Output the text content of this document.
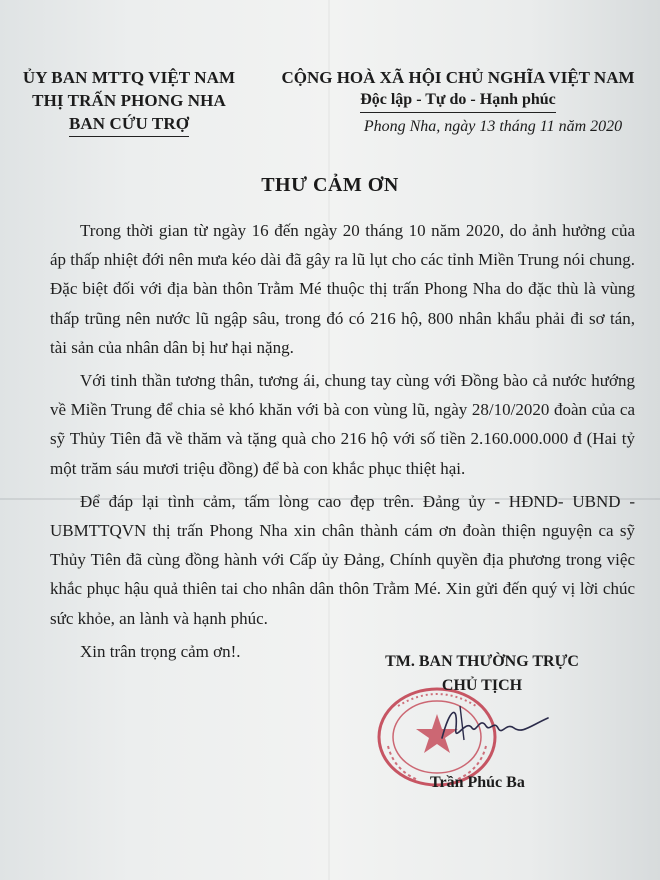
ỦY BAN MTTQ VIỆT NAM
THỊ TRẤN PHONG NHA
BAN CỨU TRỢ
CỘNG HOÀ XÃ HỘI CHỦ NGHĨA VIỆT NAM
Độc lập - Tự do - Hạnh phúc
Phong Nha, ngày 13 tháng 11 năm 2020
THƯ CẢM ƠN

Trong thời gian từ ngày 16 đến ngày 20 tháng 10 năm 2020, do ảnh hưởng của áp thấp nhiệt đới nên mưa kéo dài đã gây ra lũ lụt cho các tỉnh Miền Trung nói chung. Đặc biệt đối với địa bàn thôn Trằm Mé thuộc thị trấn Phong Nha do đặc thù là vùng thấp trũng nên nước lũ ngập sâu, trong đó có 216 hộ, 800 nhân khẩu phải đi sơ tán, tài sản của nhân dân bị hư hại nặng.

Với tinh thần tương thân, tương ái, chung tay cùng với Đồng bào cả nước hướng về Miền Trung để chia sẻ khó khăn với bà con vùng lũ, ngày 28/10/2020 đoàn của ca sỹ Thủy Tiên đã về thăm và tặng quà cho 216 hộ với số tiền 2.160.000.000 đ (Hai tỷ một trăm sáu mươi triệu đồng) để bà con khắc phục thiệt hại.

Để đáp lại tình cảm, tấm lòng cao đẹp trên. Đảng ủy - HĐND- UBND - UBMTTQVN thị trấn Phong Nha xin chân thành cám ơn đoàn thiện nguyện ca sỹ Thủy Tiên đã cùng đồng hành với Cấp ủy Đảng, Chính quyền địa phương trong việc khắc phục hậu quả thiên tai cho nhân dân thôn Trằm Mé. Xin gửi đến quý vị lời chúc sức khỏe, an lành và hạnh phúc.

Xin trân trọng cảm ơn!.

TM. BAN THƯỜNG TRỰC
CHỦ TỊCH
Trần Phúc Ba
